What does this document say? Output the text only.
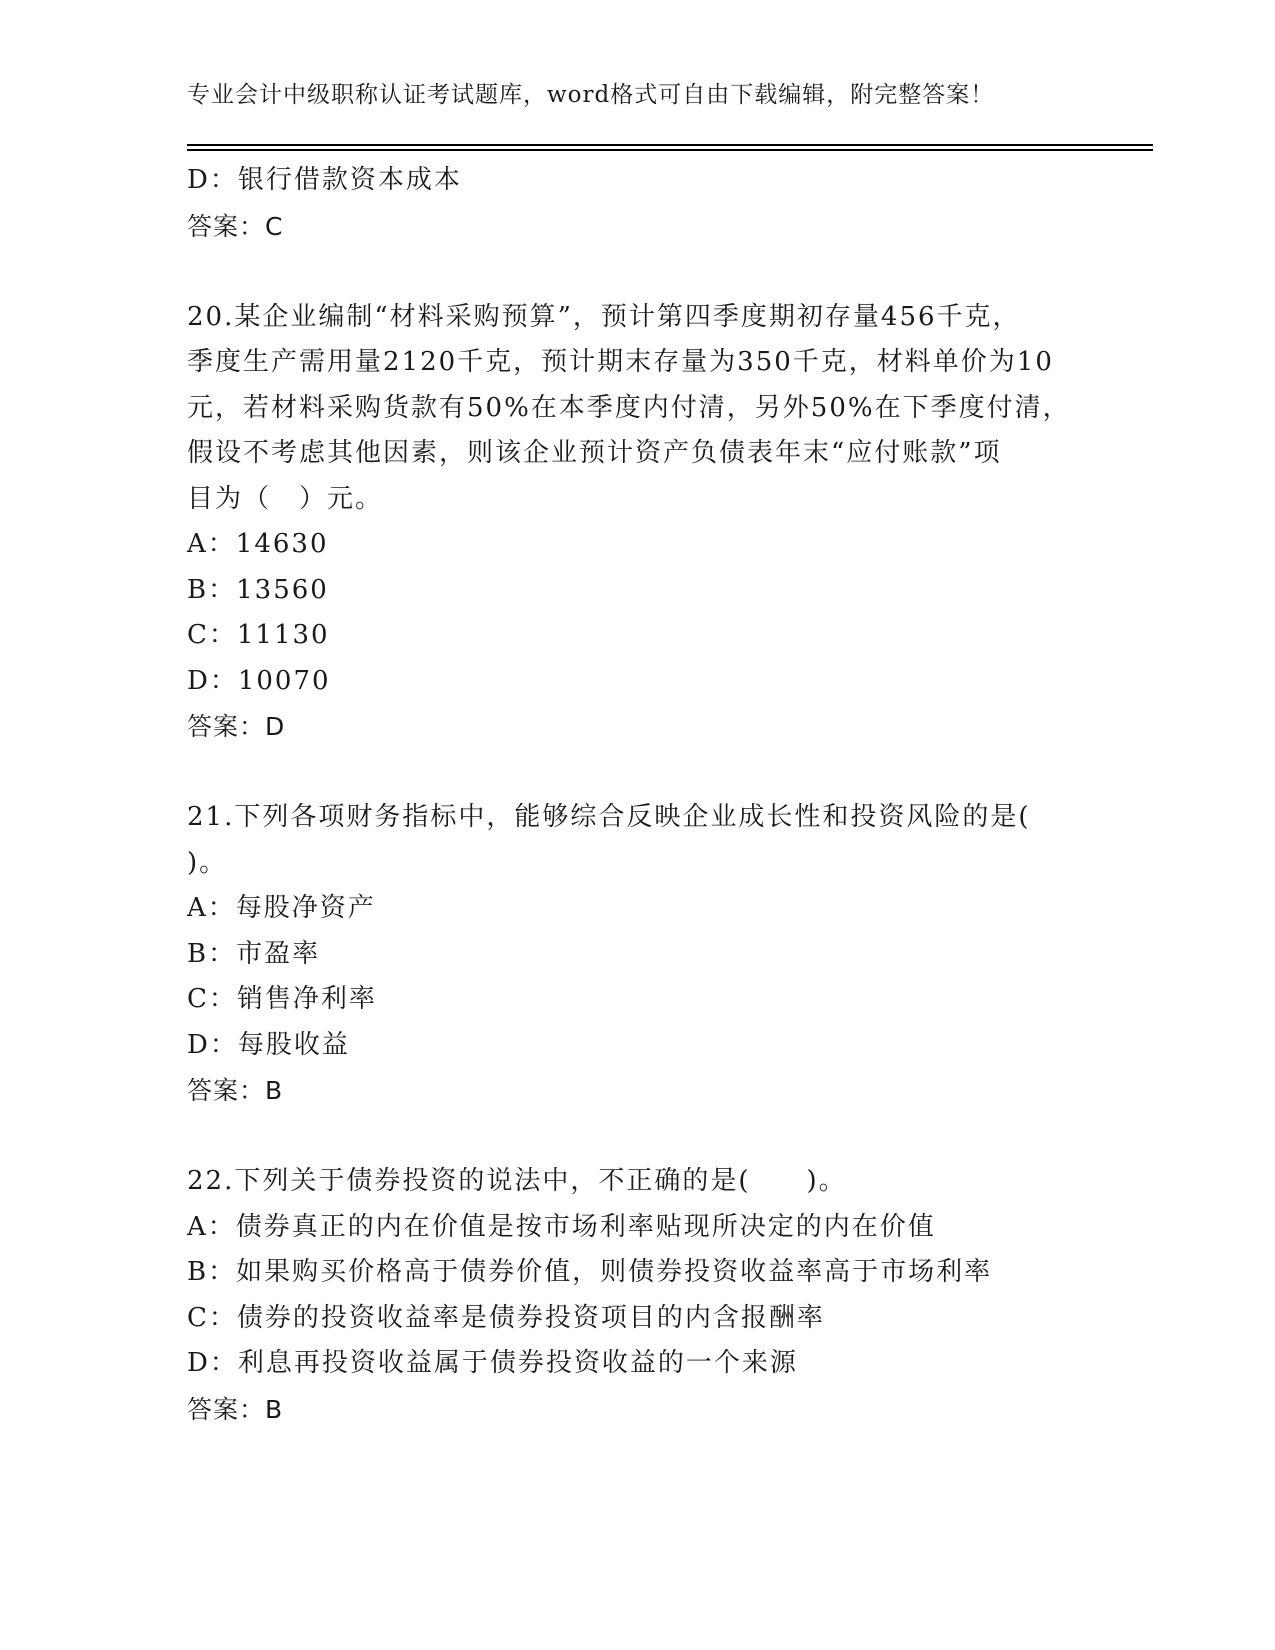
专业会计中级职称认证考试题库，word格式可自由下载编辑，附完整答案！
D：银行借款资本成本
答案：C
20.某企业编制“材料采购预算”，预计第四季度期初存量456千克，
季度生产需用量2120千克，预计期末存量为350千克，材料单价为10
元，若材料采购货款有50%在本季度内付清，另外50%在下季度付清，
假设不考虑其他因素，则该企业预计资产负债表年末“应付账款”项
目为（　）元。
A：14630
B：13560
C：11130
D：10070
答案：D
21.下列各项财务指标中，能够综合反映企业成长性和投资风险的是(
)。
A：每股净资产
B：市盈率
C：销售净利率
D：每股收益
答案：B
22.下列关于债券投资的说法中，不正确的是(　　)。
A：债券真正的内在价值是按市场利率贴现所决定的内在价值
B：如果购买价格高于债券价值，则债券投资收益率高于市场利率
C：债券的投资收益率是债券投资项目的内含报酬率
D：利息再投资收益属于债券投资收益的一个来源
答案：B
